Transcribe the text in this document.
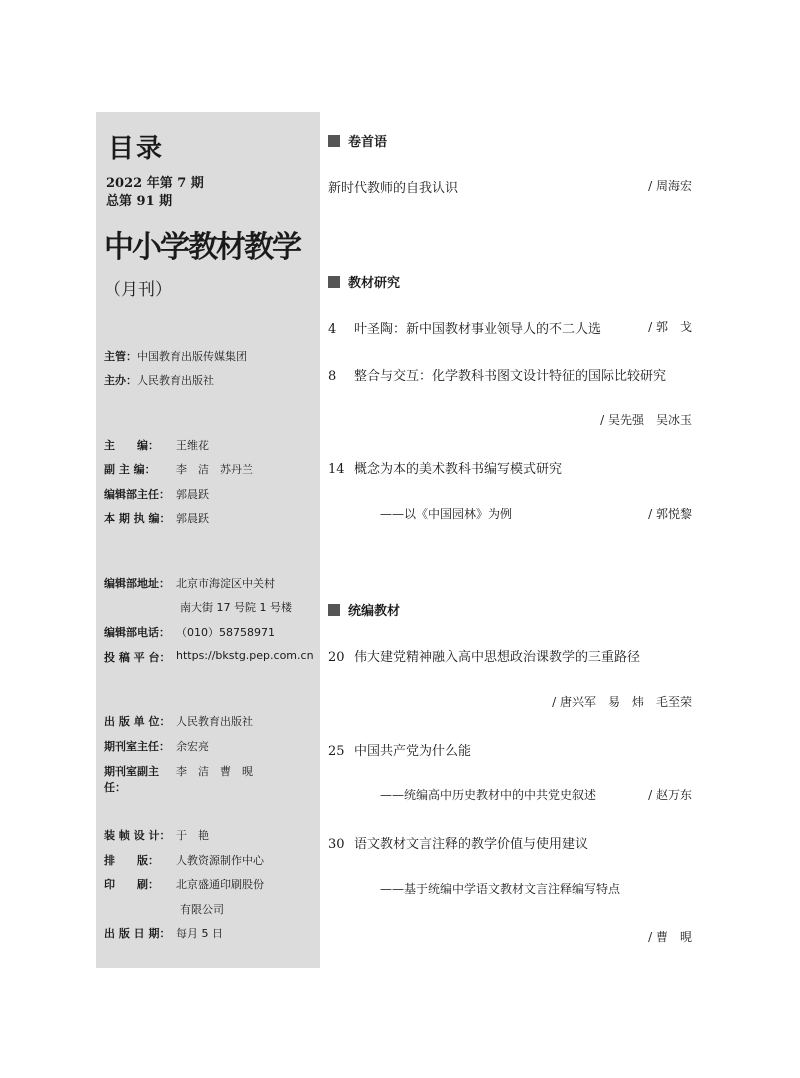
目录
2022 年第 7 期
总第 91 期
中小学教材教学
（月刊）
主管： 中国教育出版传媒集团
主办： 人民教育出版社
主　　编：	王维花
副 主 编：	李　洁　苏丹兰
编辑部主任： 郭晨跃
本 期 执 编： 郭晨跃
编辑部地址： 北京市海淀区中关村
南大街 17 号院 1 号楼
编辑部电话： （010）58758971
投 稿 平 台： https://bkstg.pep.com.cn
出 版 单 位： 人民教育出版社
期刊室主任： 余宏亮
期刊室副主任：
李　洁　曹　晛
装 帧 设 计： 于　艳
排　　版：	人教资源制作中心
印　　刷：	北京盛通印刷股份
有限公司
出 版 日 期： 每月 5 日
卷首语
新时代教师的自我认识	/ 周海宏
教材研究
4 叶圣陶：新中国教材事业领导人的不二人选	/ 郭　戈
8 整合与交互：化学教科书图文设计特征的国际比较研究
/ 吴先强　吴冰玉
14 概念为本的美术教科书编写模式研究
——以《中国园林》为例	/ 郭悦黎
统编教材
20 伟大建党精神融入高中思想政治课教学的三重路径
/ 唐兴军　易　炜　毛至荣
25 中国共产党为什么能
——统编高中历史教材中的中共党史叙述	/ 赵万东
30 语文教材文言注释的教学价值与使用建议
——基于统编中学语文教材文言注释编写特点
/ 曹　晛
